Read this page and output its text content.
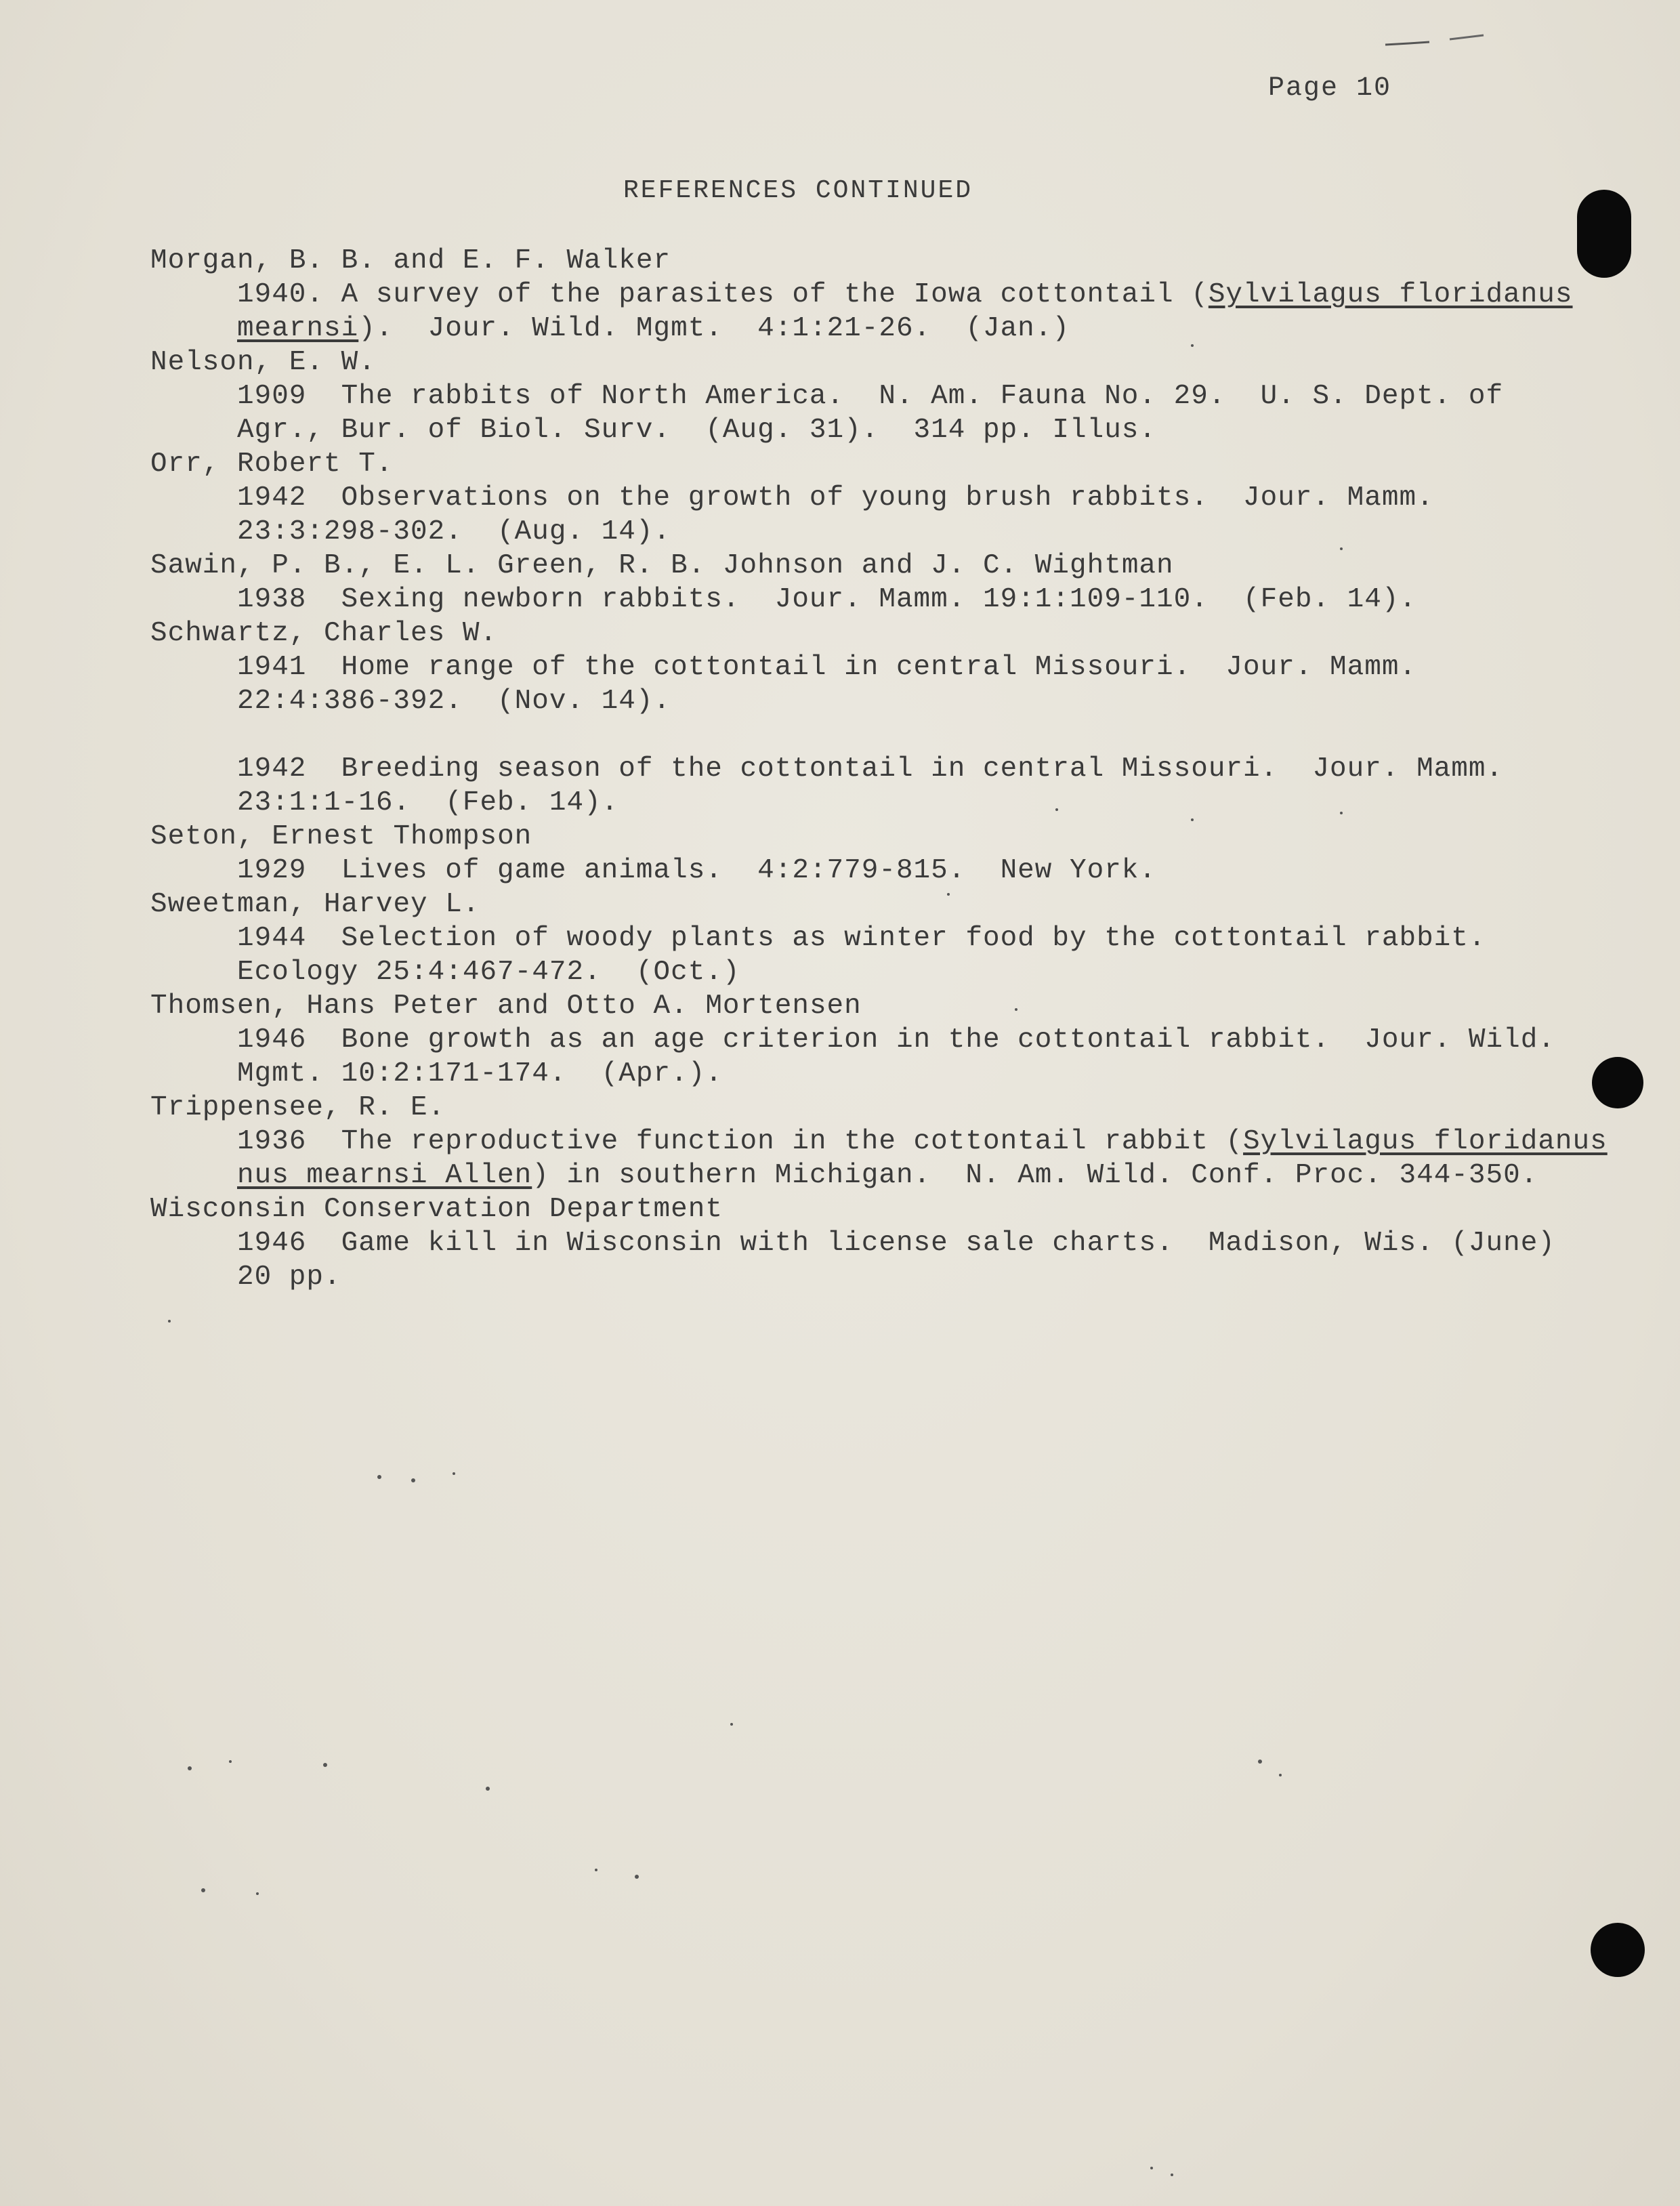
Page 10
REFERENCES CONTINUED
Morgan, B. B. and E. F. Walker
1940. A survey of the parasites of the Iowa cottontail (Sylvilagus floridanus
mearnsi).  Jour. Wild. Mgmt.  4:1:21-26.  (Jan.)
Nelson, E. W.
1909  The rabbits of North America.  N. Am. Fauna No. 29.  U. S. Dept. of
Agr., Bur. of Biol. Surv.  (Aug. 31).  314 pp. Illus.
Orr, Robert T.
1942  Observations on the growth of young brush rabbits.  Jour. Mamm.
23:3:298-302.  (Aug. 14).
Sawin, P. B., E. L. Green, R. B. Johnson and J. C. Wightman
1938  Sexing newborn rabbits.  Jour. Mamm. 19:1:109-110.  (Feb. 14).
Schwartz, Charles W.
1941  Home range of the cottontail in central Missouri.  Jour. Mamm.
22:4:386-392.  (Nov. 14).
1942  Breeding season of the cottontail in central Missouri.  Jour. Mamm.
23:1:1-16.  (Feb. 14).
Seton, Ernest Thompson
1929  Lives of game animals.  4:2:779-815.  New York.
Sweetman, Harvey L.
1944  Selection of woody plants as winter food by the cottontail rabbit.
Ecology 25:4:467-472.  (Oct.)
Thomsen, Hans Peter and Otto A. Mortensen
1946  Bone growth as an age criterion in the cottontail rabbit.  Jour. Wild.
Mgmt. 10:2:171-174.  (Apr.).
Trippensee, R. E.
1936  The reproductive function in the cottontail rabbit (Sylvilagus floridanus
nus mearnsi Allen) in southern Michigan.  N. Am. Wild. Conf. Proc. 344-350.
Wisconsin Conservation Department
1946  Game kill in Wisconsin with license sale charts.  Madison, Wis. (June)
20 pp.
